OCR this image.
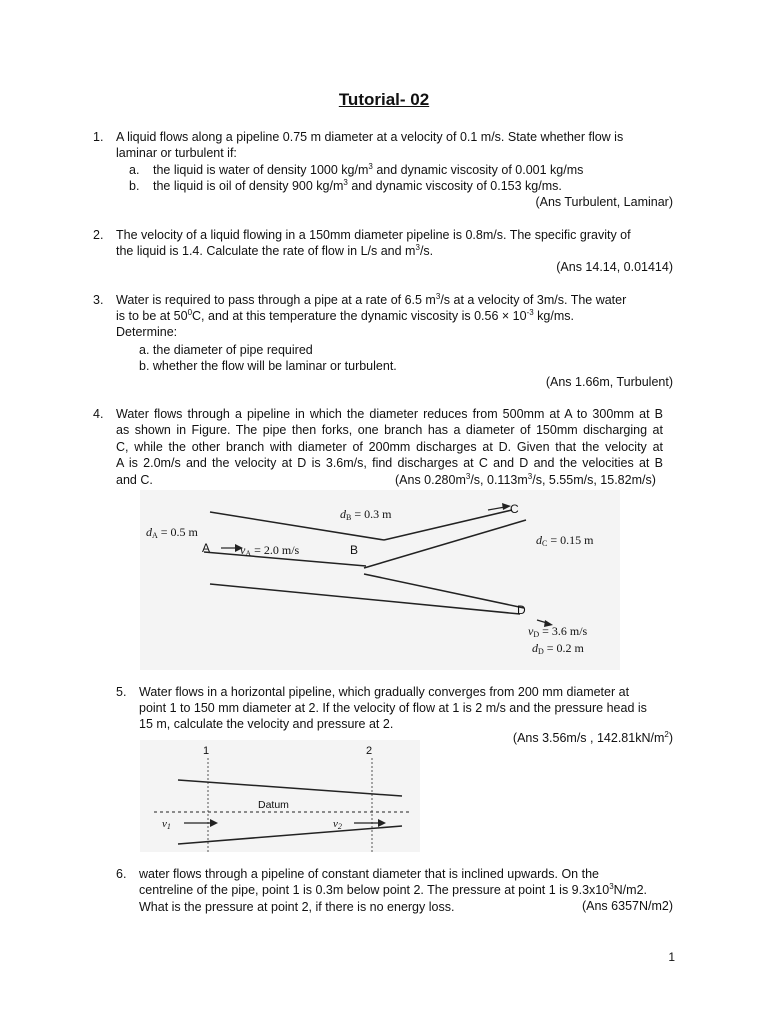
Tutorial- 02
1. A liquid flows along a pipeline 0.75 m diameter at a velocity of 0.1 m/s. State whether flow is
laminar or turbulent if:
a. the liquid is water of density 1000 $kg/m^3$ and dynamic viscosity of 0.001 kg/ms
b. the liquid is oil of density 900 $kg/m^3$ and dynamic viscosity of 0.153 kg/ms.
(Ans Turbulent, Laminar)
2. The velocity of a liquid flowing in a 150mm diameter pipeline is 0.8m/s. The specific gravity of
the liquid is 1.4. Calculate the rate of flow in L/s and $m^3/s$.
(Ans 14.14, 0.01414)
3. Water is required to pass through a pipe at a rate of 6.5 $m^3/s$ at a velocity of 3m/s. The water
is to be at $50^0C$, and at this temperature the dynamic viscosity is $0.56 \times 10^{-3}$ kg/ms.
Determine:
a. the diameter of pipe required
b. whether the flow will be laminar or turbulent.
(Ans 1.66m, Turbulent)
4. Water flows through a pipeline in which the diameter reduces from 500mm at A to 300mm at B
as shown in Figure. The pipe then forks, one branch has a diameter of 150mm discharging at
C, while the other branch with diameter of 200mm discharges at D. Given that the velocity at
A is 2.0m/s and the velocity at D is 3.6m/s, find discharges at C and D and the velocities at B
and C.	(Ans $0.280m^3/s$, $0.113m^3/s$, 5.55m/s, 15.82m/s)
$d_A = 0.5$ m
A $v_A = 2.0$ m/s
$d_B = 0.3$ m
B
C
$d_C = 0.15$ m
D
$v_D = 3.6$ m/s
$d_D = 0.2$ m
5. Water flows in a horizontal pipeline, which gradually converges from 200 mm diameter at
point 1 to 150 mm diameter at 2. If the velocity of flow at 1 is 2 m/s and the pressure head is
15 m, calculate the velocity and pressure at 2.
(Ans 3.56m/s , $142.81kN/m^2$)
1	2
Datum
$v_1$	$v_2$
6. water flows through a pipeline of constant diameter that is inclined upwards. On the
centreline of the pipe, point 1 is 0.3m below point 2. The pressure at point 1 is $9.3x10^3N/m2$.
What is the pressure at point 2, if there is no energy loss.	(Ans 6357N/m2)
1
